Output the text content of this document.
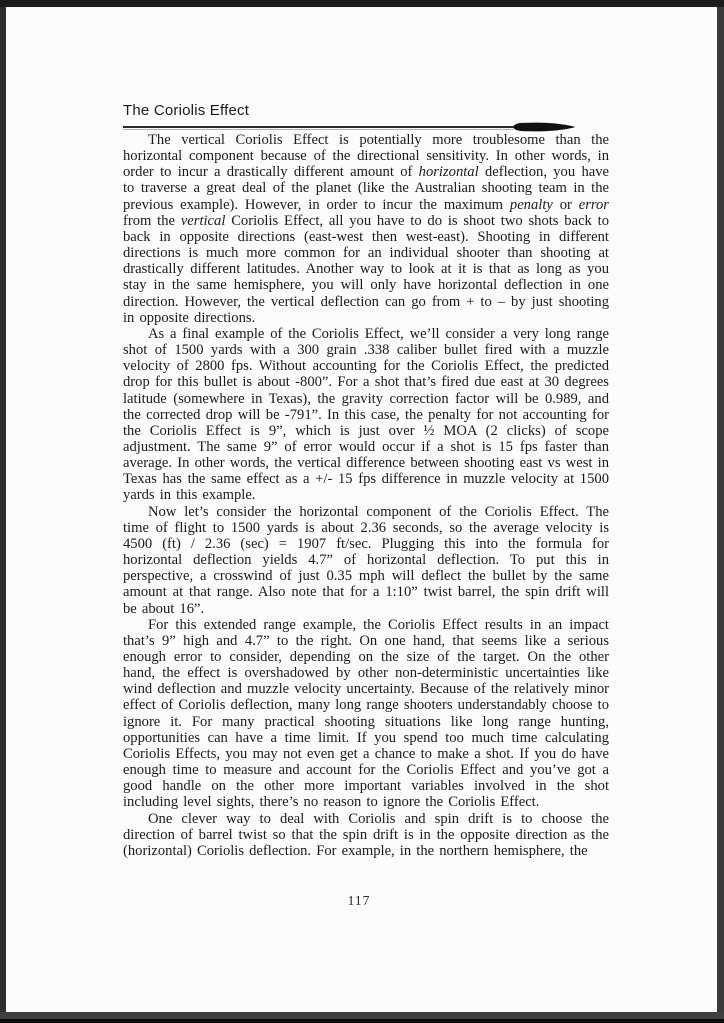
The Coriolis Effect

The vertical Coriolis Effect is potentially more troublesome than the horizontal component because of the directional sensitivity. In other words, in order to incur a drastically different amount of horizontal deflection, you have to traverse a great deal of the planet (like the Australian shooting team in the previous example). However, in order to incur the maximum penalty or error from the vertical Coriolis Effect, all you have to do is shoot two shots back to back in opposite directions (east-west then west-east). Shooting in different directions is much more common for an individual shooter than shooting at drastically different latitudes. Another way to look at it is that as long as you stay in the same hemisphere, you will only have horizontal deflection in one direction. However, the vertical deflection can go from + to – by just shooting in opposite directions.

As a final example of the Coriolis Effect, we’ll consider a very long range shot of 1500 yards with a 300 grain .338 caliber bullet fired with a muzzle velocity of 2800 fps. Without accounting for the Coriolis Effect, the predicted drop for this bullet is about -800”. For a shot that’s fired due east at 30 degrees latitude (somewhere in Texas), the gravity correction factor will be 0.989, and the corrected drop will be -791”. In this case, the penalty for not accounting for the Coriolis Effect is 9”, which is just over ½ MOA (2 clicks) of scope adjustment. The same 9” of error would occur if a shot is 15 fps faster than average. In other words, the vertical difference between shooting east vs west in Texas has the same effect as a +/- 15 fps difference in muzzle velocity at 1500 yards in this example.

Now let’s consider the horizontal component of the Coriolis Effect. The time of flight to 1500 yards is about 2.36 seconds, so the average velocity is 4500 (ft) / 2.36 (sec) = 1907 ft/sec. Plugging this into the formula for horizontal deflection yields 4.7” of horizontal deflection. To put this in perspective, a crosswind of just 0.35 mph will deflect the bullet by the same amount at that range. Also note that for a 1:10” twist barrel, the spin drift will be about 16”.

For this extended range example, the Coriolis Effect results in an impact that’s 9” high and 4.7” to the right. On one hand, that seems like a serious enough error to consider, depending on the size of the target. On the other hand, the effect is overshadowed by other non-deterministic uncertainties like wind deflection and muzzle velocity uncertainty. Because of the relatively minor effect of Coriolis deflection, many long range shooters understandably choose to ignore it. For many practical shooting situations like long range hunting, opportunities can have a time limit. If you spend too much time calculating Coriolis Effects, you may not even get a chance to make a shot. If you do have enough time to measure and account for the Coriolis Effect and you’ve got a good handle on the other more important variables involved in the shot including level sights, there’s no reason to ignore the Coriolis Effect.

One clever way to deal with Coriolis and spin drift is to choose the direction of barrel twist so that the spin drift is in the opposite direction as the (horizontal) Coriolis deflection. For example, in the northern hemisphere, the

117
